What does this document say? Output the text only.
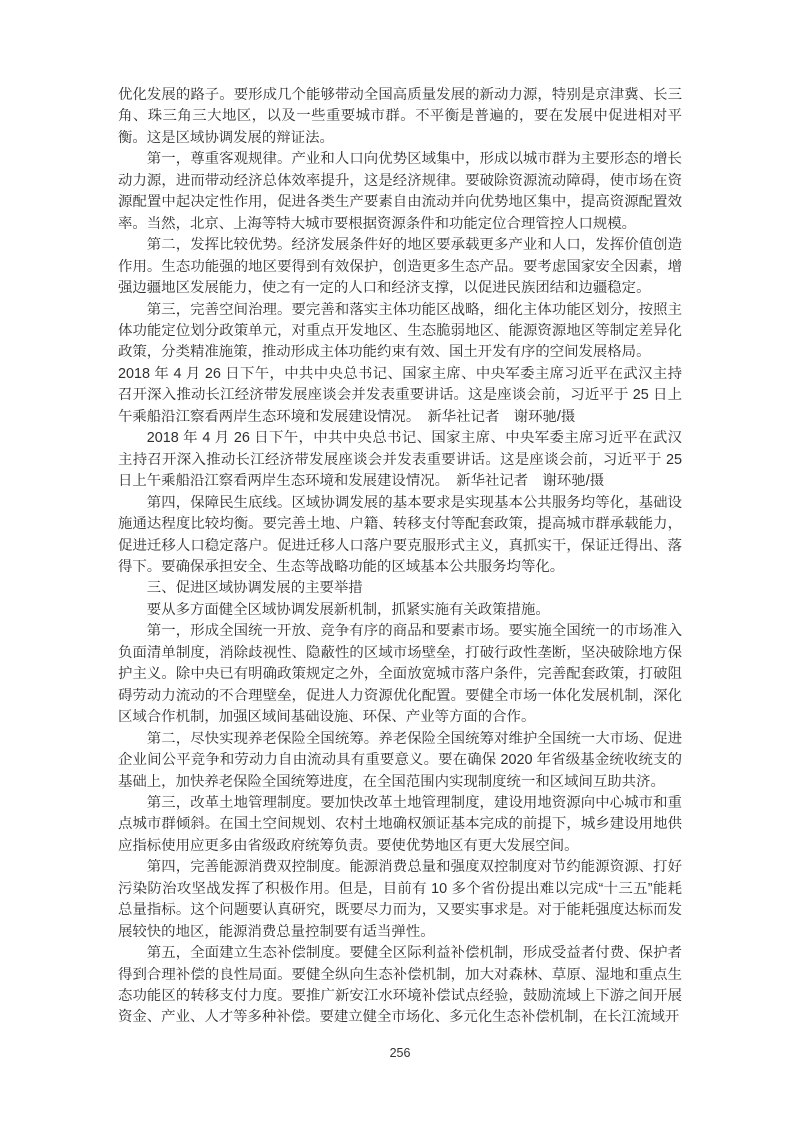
优化发展的路子。要形成几个能够带动全国高质量发展的新动力源，特别是京津冀、长三角、珠三角三大地区，以及一些重要城市群。不平衡是普遍的，要在发展中促进相对平衡。这是区域协调发展的辩证法。

第一，尊重客观规律。产业和人口向优势区域集中，形成以城市群为主要形态的增长动力源，进而带动经济总体效率提升，这是经济规律。要破除资源流动障碍，使市场在资源配置中起决定性作用，促进各类生产要素自由流动并向优势地区集中，提高资源配置效率。当然，北京、上海等特大城市要根据资源条件和功能定位合理管控人口规模。

第二，发挥比较优势。经济发展条件好的地区要承载更多产业和人口，发挥价值创造作用。生态功能强的地区要得到有效保护，创造更多生态产品。要考虑国家安全因素，增强边疆地区发展能力，使之有一定的人口和经济支撑，以促进民族团结和边疆稳定。

第三，完善空间治理。要完善和落实主体功能区战略，细化主体功能区划分，按照主体功能定位划分政策单元，对重点开发地区、生态脆弱地区、能源资源地区等制定差异化政策，分类精准施策，推动形成主体功能约束有效、国土开发有序的空间发展格局。

2018 年 4 月 26 日下午，中共中央总书记、国家主席、中央军委主席习近平在武汉主持召开深入推动长江经济带发展座谈会并发表重要讲话。这是座谈会前，习近平于 25 日上午乘船沿江察看两岸生态环境和发展建设情况。　新华社记者　谢环驰/摄

2018 年 4 月 26 日下午，中共中央总书记、国家主席、中央军委主席习近平在武汉主持召开深入推动长江经济带发展座谈会并发表重要讲话。这是座谈会前，习近平于 25 日上午乘船沿江察看两岸生态环境和发展建设情况。　新华社记者　谢环驰/摄

第四，保障民生底线。区域协调发展的基本要求是实现基本公共服务均等化，基础设施通达程度比较均衡。要完善土地、户籍、转移支付等配套政策，提高城市群承载能力，促进迁移人口稳定落户。促进迁移人口落户要克服形式主义，真抓实干，保证迁得出、落得下。要确保承担安全、生态等战略功能的区域基本公共服务均等化。

三、促进区域协调发展的主要举措

要从多方面健全区域协调发展新机制，抓紧实施有关政策措施。

第一，形成全国统一开放、竞争有序的商品和要素市场。要实施全国统一的市场准入负面清单制度，消除歧视性、隐蔽性的区域市场壁垒，打破行政性垄断，坚决破除地方保护主义。除中央已有明确政策规定之外，全面放宽城市落户条件，完善配套政策，打破阻碍劳动力流动的不合理壁垒，促进人力资源优化配置。要健全市场一体化发展机制，深化区域合作机制，加强区域间基础设施、环保、产业等方面的合作。

第二，尽快实现养老保险全国统筹。养老保险全国统筹对维护全国统一大市场、促进企业间公平竞争和劳动力自由流动具有重要意义。要在确保 2020 年省级基金统收统支的基础上，加快养老保险全国统筹进度，在全国范围内实现制度统一和区域间互助共济。

第三，改革土地管理制度。要加快改革土地管理制度，建设用地资源向中心城市和重点城市群倾斜。在国土空间规划、农村土地确权颁证基本完成的前提下，城乡建设用地供应指标使用应更多由省级政府统筹负责。要使优势地区有更大发展空间。

第四，完善能源消费双控制度。能源消费总量和强度双控制度对节约能源资源、打好污染防治攻坚战发挥了积极作用。但是，目前有 10 多个省份提出难以完成“十三五”能耗总量指标。这个问题要认真研究，既要尽力而为，又要实事求是。对于能耗强度达标而发展较快的地区，能源消费总量控制要有适当弹性。

第五，全面建立生态补偿制度。要健全区际利益补偿机制，形成受益者付费、保护者得到合理补偿的良性局面。要健全纵向生态补偿机制，加大对森林、草原、湿地和重点生态功能区的转移支付力度。要推广新安江水环境补偿试点经验，鼓励流域上下游之间开展资金、产业、人才等多种补偿。要建立健全市场化、多元化生态补偿机制，在长江流域开

256
